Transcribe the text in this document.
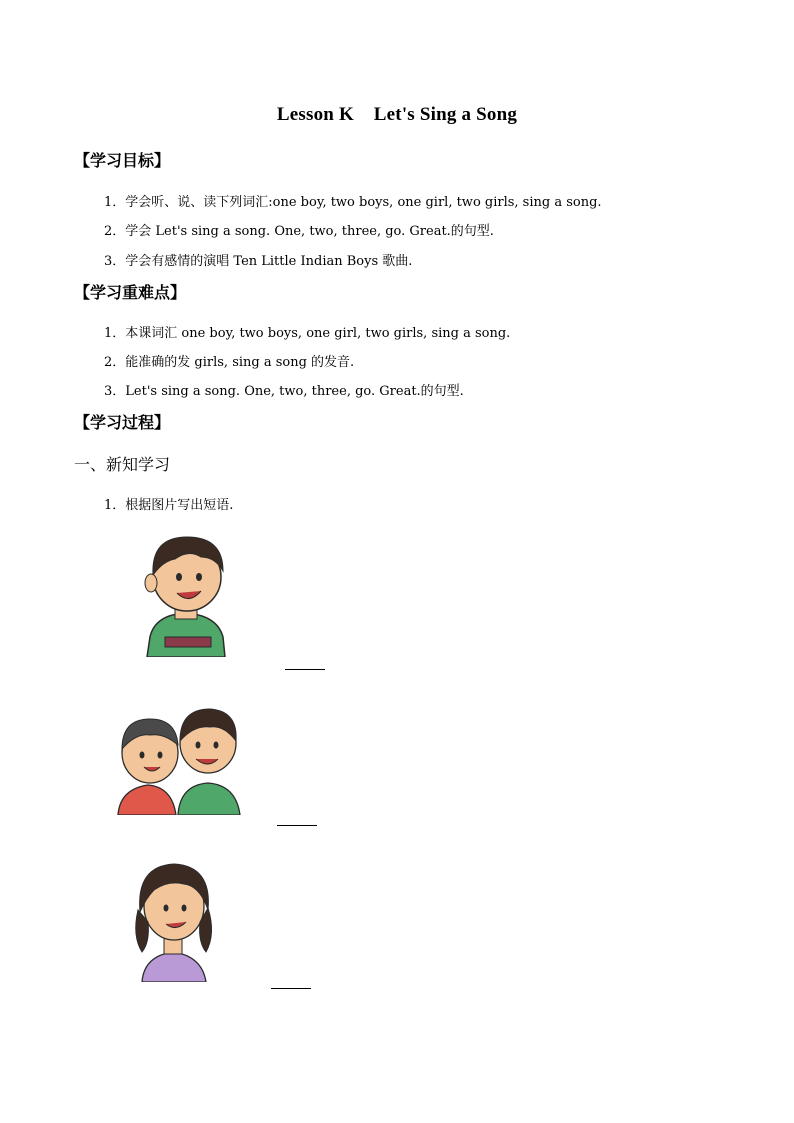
Lesson K    Let's Sing a Song
【学习目标】
1．学会听、说、读下列词汇:one boy, two boys, one girl, two girls, sing a song.
2．学会 Let's sing a song. One, two, three, go. Great.的句型.
3．学会有感情的演唱 Ten Little Indian Boys 歌曲.
【学习重难点】
1．本课词汇 one boy, two boys, one girl, two girls, sing a song.
2．能准确的发 girls, sing a song 的发音.
3．Let's sing a song. One, two, three, go. Great.的句型.
【学习过程】
一、新知学习
1．根据图片写出短语.
